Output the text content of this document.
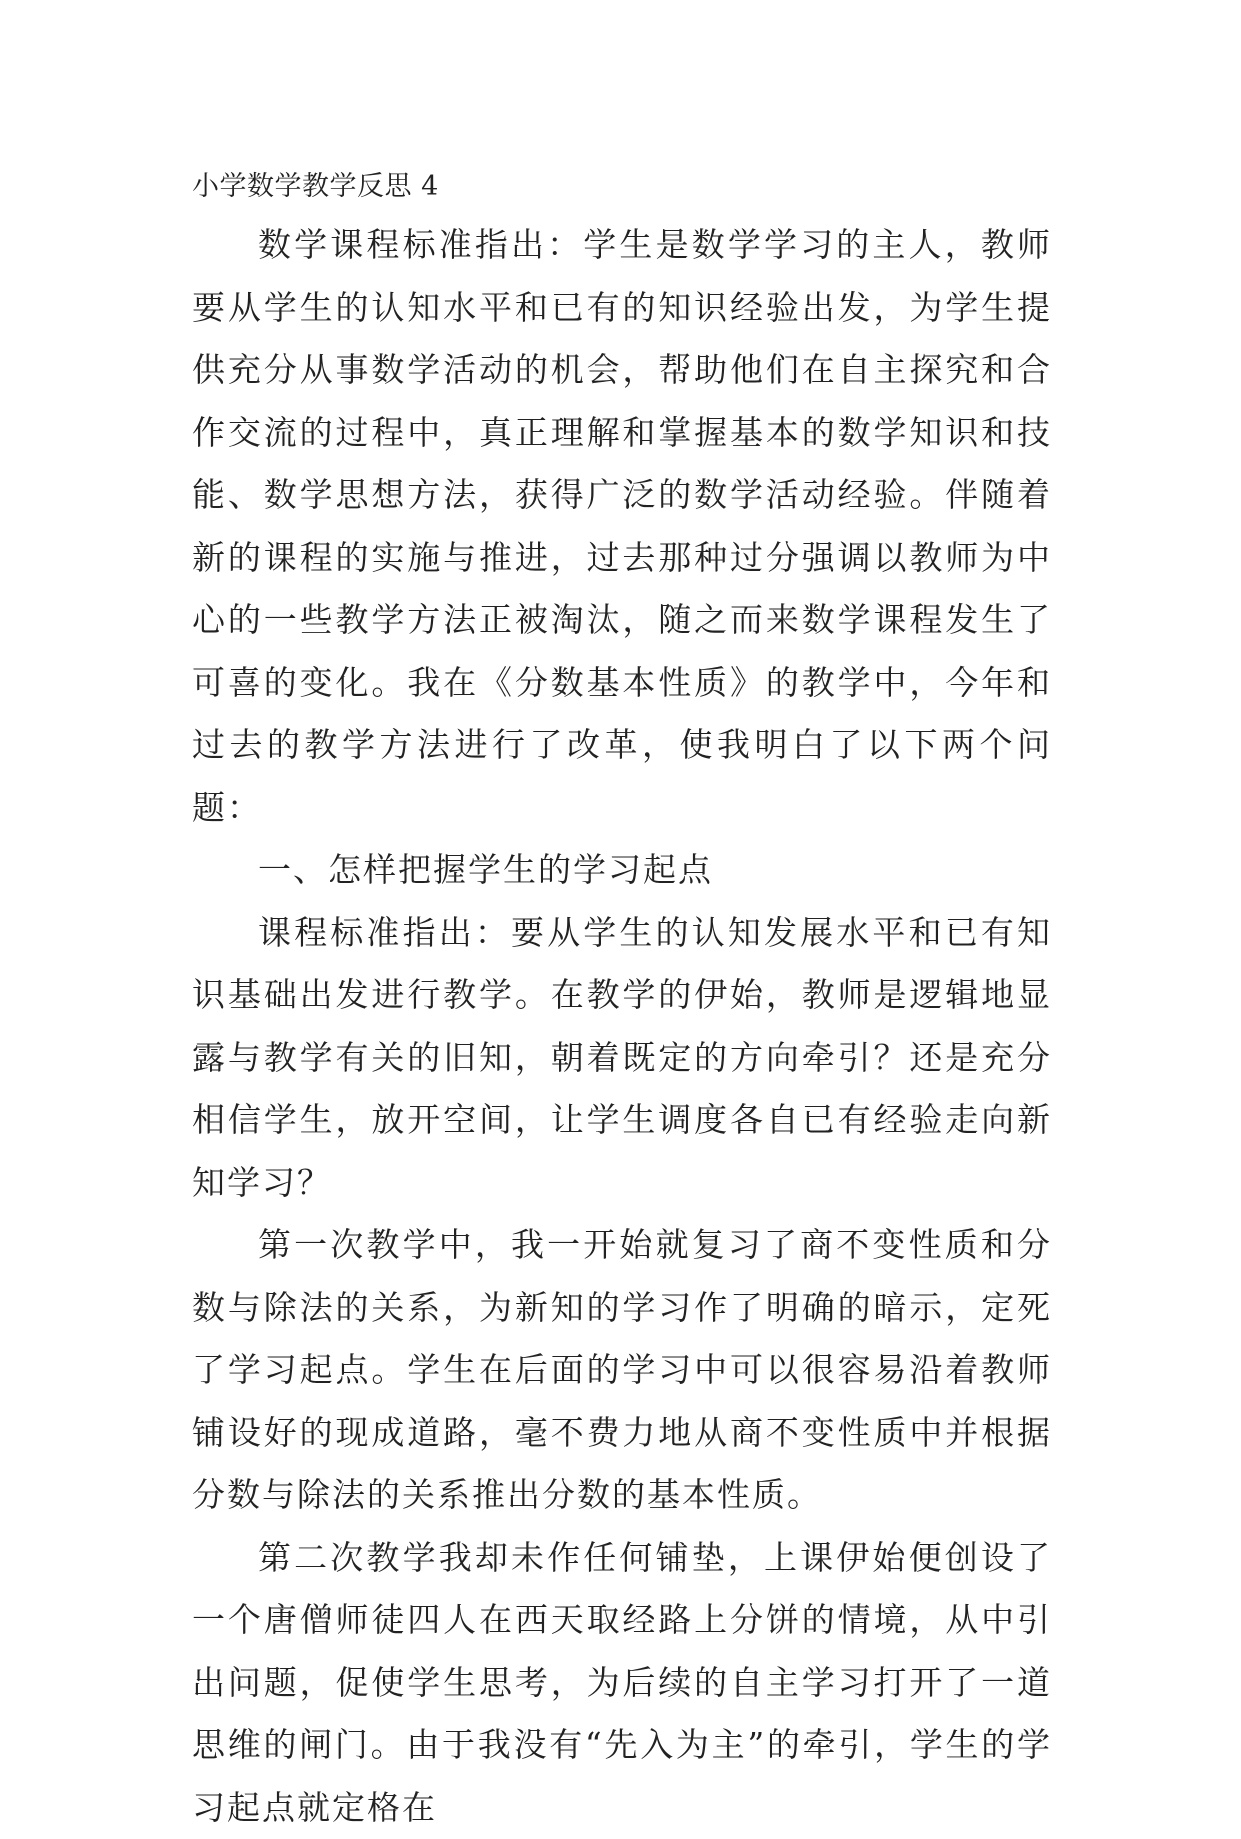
小学数学教学反思 4

数学课程标准指出：学生是数学学习的主人，教师要从学生的认知水平和已有的知识经验出发，为学生提供充分从事数学活动的机会，帮助他们在自主探究和合作交流的过程中，真正理解和掌握基本的数学知识和技能、数学思想方法，获得广泛的数学活动经验。伴随着新的课程的实施与推进，过去那种过分强调以教师为中心的一些教学方法正被淘汰，随之而来数学课程发生了可喜的变化。我在《分数基本性质》的教学中，今年和过去的教学方法进行了改革，使我明白了以下两个问题：

一、怎样把握学生的学习起点

课程标准指出：要从学生的认知发展水平和已有知识基础出发进行教学。在教学的伊始，教师是逻辑地显露与教学有关的旧知，朝着既定的方向牵引？还是充分相信学生，放开空间，让学生调度各自已有经验走向新知学习？

第一次教学中，我一开始就复习了商不变性质和分数与除法的关系，为新知的学习作了明确的暗示，定死了学习起点。学生在后面的学习中可以很容易沿着教师铺设好的现成道路，毫不费力地从商不变性质中并根据分数与除法的关系推出分数的基本性质。

第二次教学我却未作任何铺垫，上课伊始便创设了一个唐僧师徒四人在西天取经路上分饼的情境，从中引出问题，促使学生思考，为后续的自主学习打开了一道思维的闸门。由于我没有“先入为主”的牵引，学生的学习起点就定格在
